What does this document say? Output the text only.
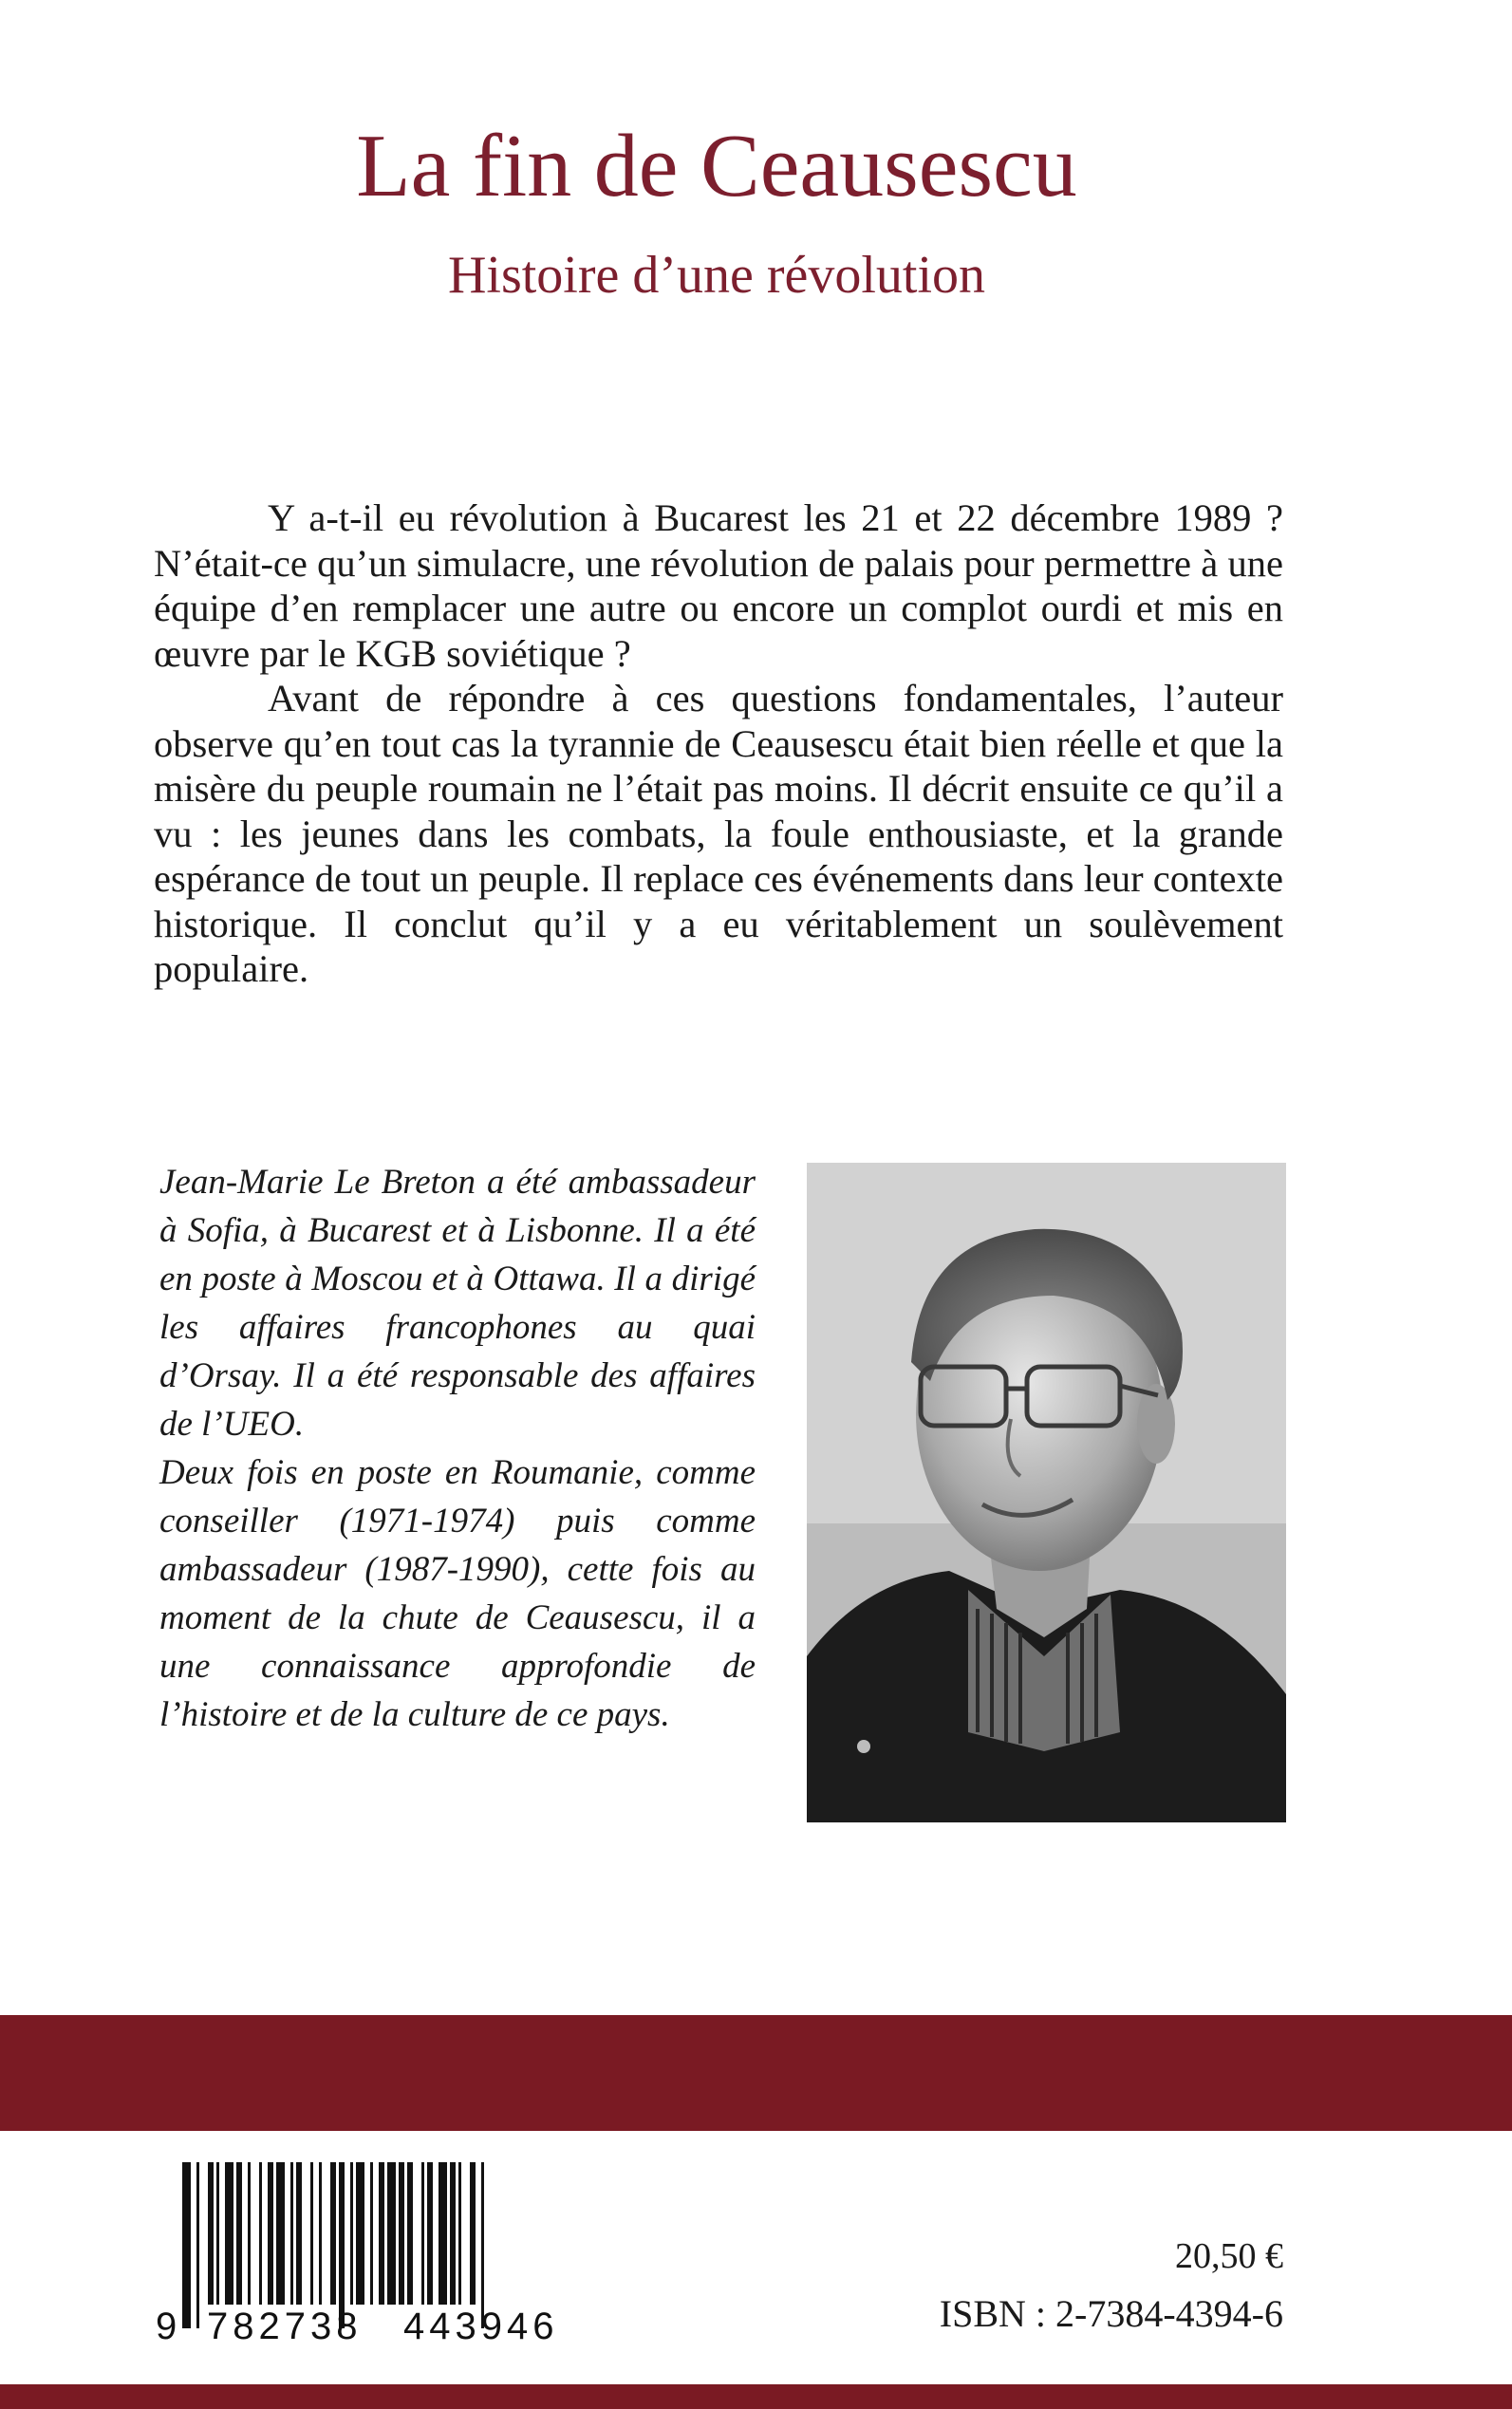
La fin de Ceausescu
Histoire d’une révolution

Y a-t-il eu révolution à Bucarest les 21 et 22 décembre 1989 ? N’était-ce qu’un simulacre, une révolution de palais pour permettre à une équipe d’en remplacer une autre ou encore un complot ourdi et mis en œuvre par le KGB soviétique ?

Avant de répondre à ces questions fondamentales, l’auteur observe qu’en tout cas la tyrannie de Ceausescu était bien réelle et que la misère du peuple roumain ne l’était pas moins. Il décrit ensuite ce qu’il a vu : les jeunes dans les combats, la foule enthousiaste, et la grande espérance de tout un peuple. Il replace ces événements dans leur contexte historique. Il conclut qu’il y a eu véritablement un soulèvement populaire.

Jean-Marie Le Breton a été ambassadeur à Sofia, à Bucarest et à Lisbonne. Il a été en poste à Moscou et à Ottawa. Il a dirigé les affaires francophones au quai d’Orsay. Il a été responsable des affaires de l’UEO.

Deux fois en poste en Roumanie, comme conseiller (1971-1974) puis comme ambassadeur (1987-1990), cette fois au moment de la chute de Ceausescu, il a une connaissance approfondie de l’histoire et de la culture de ce pays.

9 782738 443946
20,50 €
ISBN : 2-7384-4394-6
